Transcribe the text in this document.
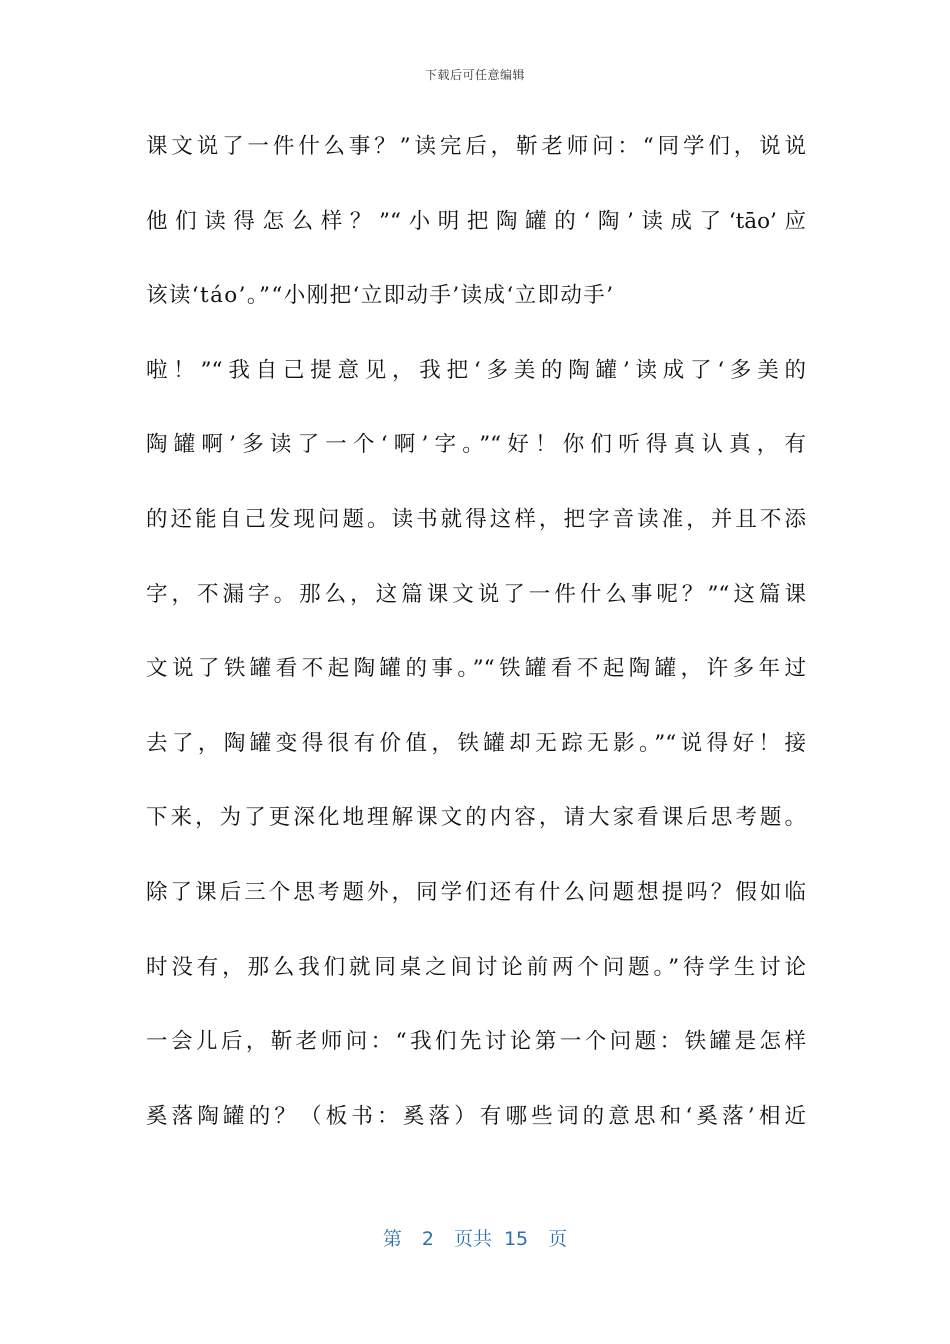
下载后可任意编辑
课文说了一件什么事？”读完后，靳老师问：“同学们，说说
他们读得怎么样？”“小明把陶罐的‘陶’读成了‘tāo’应
该读‘táo’。”“小刚把‘立即动手’读成‘立即动手’
啦！”“我自己提意见，我把‘多美的陶罐’读成了‘多美的
陶罐啊’多读了一个‘啊’字。”“好！你们听得真认真，有
的还能自己发现问题。读书就得这样，把字音读准，并且不添
字，不漏字。那么，这篇课文说了一件什么事呢？”“这篇课
文说了铁罐看不起陶罐的事。”“铁罐看不起陶罐，许多年过
去了，陶罐变得很有价值，铁罐却无踪无影。”“说得好！接
下来，为了更深化地理解课文的内容，请大家看课后思考题。
除了课后三个思考题外，同学们还有什么问题想提吗？假如临
时没有，那么我们就同桌之间讨论前两个问题。”待学生讨论
一会儿后，靳老师问：“我们先讨论第一个问题：铁罐是怎样
奚落陶罐的？（板书：奚落）有哪些词的意思和‘奚落’相近
第 2 页共 15 页
